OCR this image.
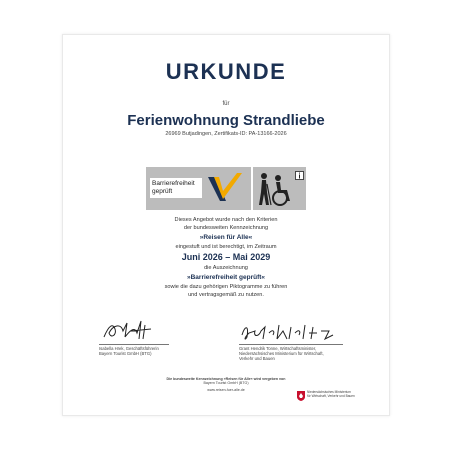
URKUNDE
für
Ferienwohnung Strandliebe
26969 Butjadingen, Zertifikats-ID: PA-13166-2026
Barrierefreiheit
geprüft
Dieses Angebot wurde nach den Kriterien
der bundesweiten Kennzeichnung
»Reisen für Alle«
eingestuft und ist berechtigt, im Zeitraum
Juni 2026 – Mai 2029
die Auszeichnung
»Barrierefreiheit geprüft«
sowie die dazu gehörigen Piktogramme zu führen
und vertragsgemäß zu nutzen.
Isabella Hrek, Geschäftsführerin
Bayern Tourist GmbH (BTG)
Grant Hendrik Tonne, Wirtschaftsminister,
Niedersächsisches Ministerium für Wirtschaft,
Verkehr und Bauen
Die bundesweite Kennzeichnung »Reisen für Alle« wird vergeben von
Bayern Tourist GmbH (BTG)
www.reisen-fuer-alle.de
Niedersächsisches Ministerium
für Wirtschaft, Verkehr und Bauen
